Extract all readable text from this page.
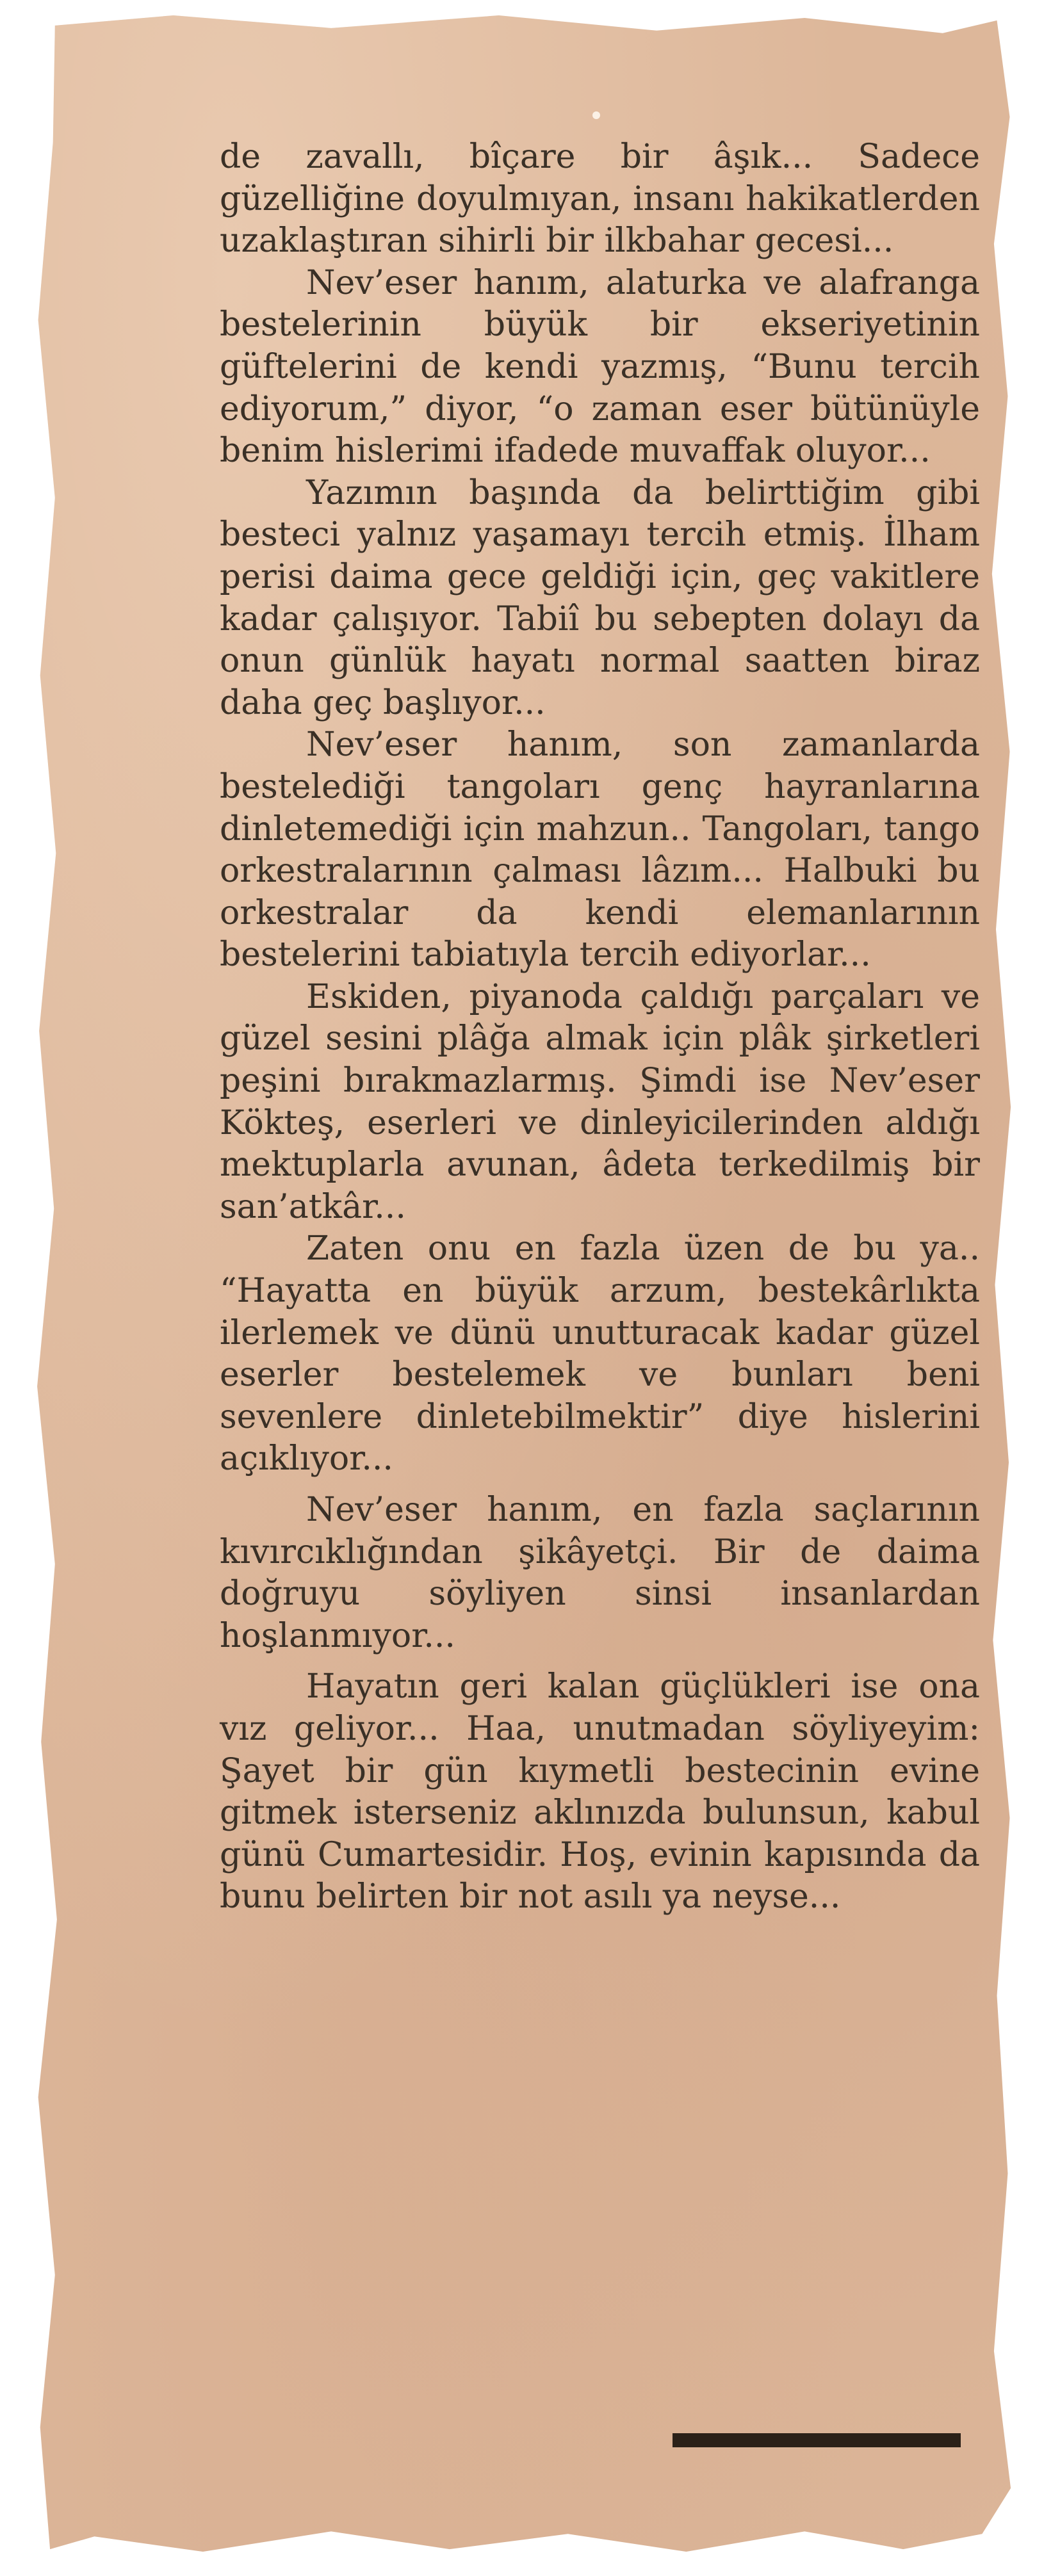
de zavallı, bîçare bir âşık... Sadece güzelliğine doyulmıyan, insanı hakikatlerden uzaklaştıran sihirli bir ilkbahar gecesi...

Nev’eser hanım, alaturka ve alafranga bestelerinin büyük bir ekseriyetinin güftelerini de kendi yazmış, “Bunu tercih ediyorum,” diyor, “o zaman eser bütünüyle benim hislerimi ifadede muvaffak oluyor...

Yazımın başında da belirttiğim gibi besteci yalnız yaşamayı tercih etmiş. İlham perisi daima gece geldiği için, geç vakitlere kadar çalışıyor. Tabiî bu sebepten dolayı da onun günlük hayatı normal saatten biraz daha geç başlıyor...

Nev’eser hanım, son zamanlarda bestelediği tangoları genç hayranlarına dinletemediği için mahzun.. Tangoları, tango orkestralarının çalması lâzım... Halbuki bu orkestralar da kendi elemanlarının bestelerini tabiatıyla tercih ediyorlar...

Eskiden, piyanoda çaldığı parçaları ve güzel sesini plâğa almak için plâk şirketleri peşini bırakmazlarmış. Şimdi ise Nev’eser Kökteş, eserleri ve dinleyicilerinden aldığı mektuplarla avunan, âdeta terkedilmiş bir san’atkâr...

Zaten onu en fazla üzen de bu ya.. “Hayatta en büyük arzum, bestekârlıkta ilerlemek ve dünü unutturacak kadar güzel eserler bestelemek ve bunları beni sevenlere dinletebilmektir” diye hislerini açıklıyor...

Nev’eser hanım, en fazla saçlarının kıvırcıklığından şikâyetçi. Bir de daima doğruyu söyliyen sinsi insanlardan hoşlanmıyor...

Hayatın geri kalan güçlükleri ise ona vız geliyor... Haa, unutmadan söyliyeyim: Şayet bir gün kıymetli bestecinin evine gitmek isterseniz aklınızda bulunsun, kabul günü Cumartesidir. Hoş, evinin kapısında da bunu belirten bir not asılı ya neyse...
